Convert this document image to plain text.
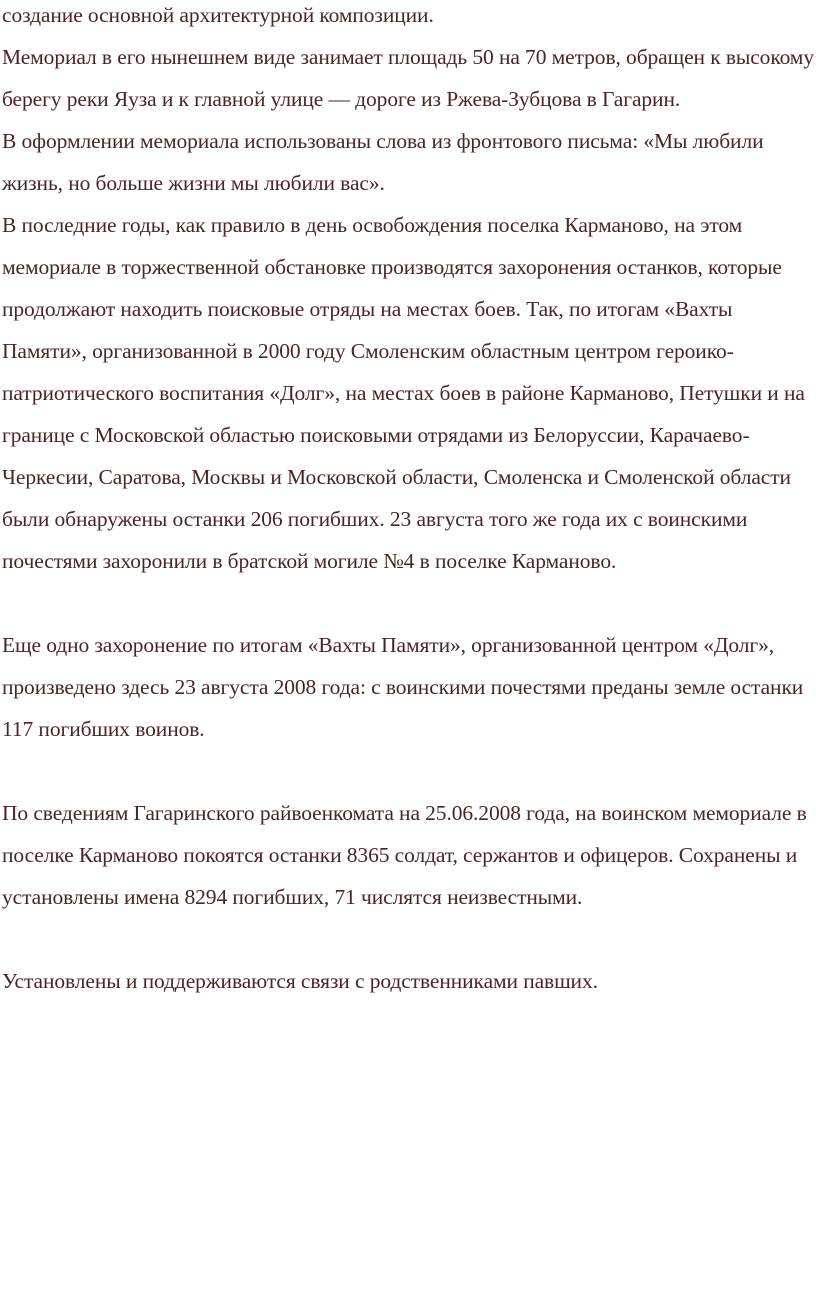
создание основной архитектурной композиции.

Мемориал в его нынешнем виде занимает площадь 50 на 70 метров, обращен к высокому берегу реки Яуза и к главной улице — дороге из Ржева-Зубцова в Гагарин.

В оформлении мемориала использованы слова из фронтового письма: «Мы любили жизнь, но больше жизни мы любили вас».

В последние годы, как правило в день освобождения поселка Карманово, на этом мемориале в торжественной обстановке производятся захоронения останков, которые продолжают находить поисковые отряды на местах боев. Так, по итогам «Вахты Памяти», организованной в 2000 году Смоленским областным центром героико-патриотического воспитания «Долг», на местах боев в районе Карманово, Петушки и на границе с Московской областью поисковыми отрядами из Белоруссии, Карачаево-Черкесии, Саратова, Москвы и Московской области, Смоленска и Смоленской области были обнаружены останки 206 погибших. 23 августа того же года их с воинскими почестями захоронили в братской могиле №4 в поселке Карманово.

Еще одно захоронение по итогам «Вахты Памяти», организованной центром «Долг», произведено здесь 23 августа 2008 года: с воинскими почестями преданы земле останки 117 погибших воинов.

По сведениям Гагаринского райвоенкомата на 25.06.2008 года, на воинском мемориале в поселке Карманово покоятся останки 8365 солдат, сержантов и офицеров. Сохранены и установлены имена 8294 погибших, 71 числятся неизвестными.

Установлены и поддерживаются связи с родственниками павших.
